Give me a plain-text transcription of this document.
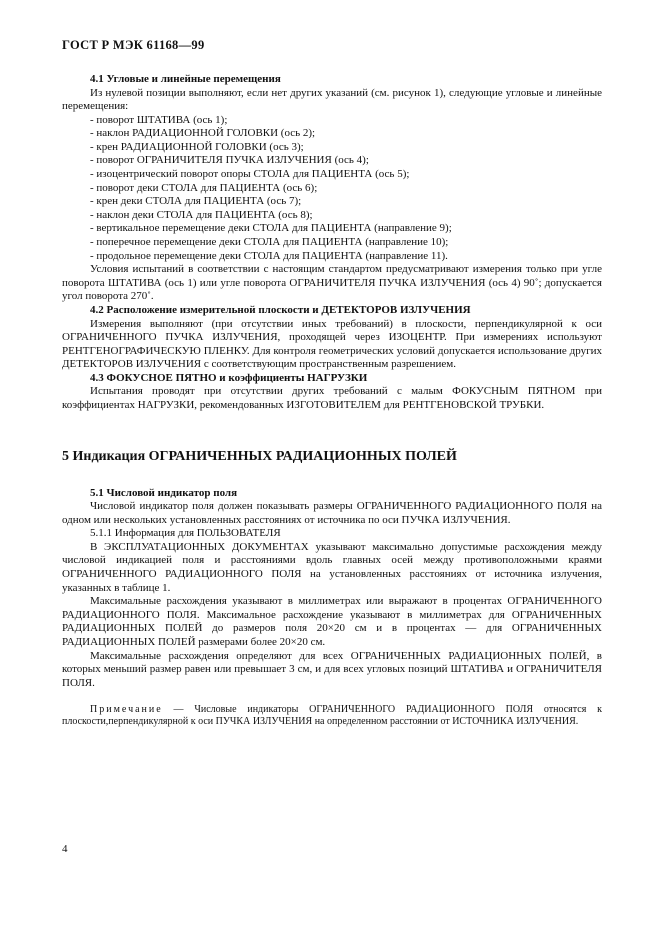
ГОСТ Р МЭК 61168—99
4.1 Угловые и линейные перемещения

Из нулевой позиции выполняют, если нет других указаний (см. рисунок 1), следующие угловые и линейные перемещения:

- поворот ШТАТИВА (ось 1);
- наклон РАДИАЦИОННОЙ ГОЛОВКИ (ось 2);
- крен РАДИАЦИОННОЙ ГОЛОВКИ (ось 3);
- поворот ОГРАНИЧИТЕЛЯ ПУЧКА ИЗЛУЧЕНИЯ (ось 4);
- изоцентрический поворот опоры СТОЛА для ПАЦИЕНТА (ось 5);
- поворот деки СТОЛА для ПАЦИЕНТА (ось 6);
- крен деки СТОЛА для ПАЦИЕНТА (ось 7);
- наклон деки СТОЛА для ПАЦИЕНТА (ось 8);
- вертикальное перемещение деки СТОЛА для ПАЦИЕНТА (направление 9);
- поперечное перемещение деки СТОЛА для ПАЦИЕНТА (направление 10);
- продольное перемещение деки СТОЛА для ПАЦИЕНТА (направление 11).

Условия испытаний в соответствии с настоящим стандартом предусматривают измерения только при угле поворота ШТАТИВА (ось 1) или угле поворота ОГРАНИЧИТЕЛЯ ПУЧКА ИЗЛУЧЕНИЯ (ось 4) 90˚; допускается угол поворота 270˚.

4.2 Расположение измерительной плоскости и ДЕТЕКТОРОВ ИЗЛУЧЕНИЯ

Измерения выполняют (при отсутствии иных требований) в плоскости, перпендикулярной к оси ОГРАНИЧЕННОГО ПУЧКА ИЗЛУЧЕНИЯ, проходящей через ИЗОЦЕНТР. При измерениях используют РЕНТГЕНОГРАФИЧЕСКУЮ ПЛЕНКУ. Для контроля геометрических условий допускается использование других ДЕТЕКТОРОВ ИЗЛУЧЕНИЯ с соответствующим пространственным разрешением.

4.3 ФОКУСНОЕ ПЯТНО и коэффициенты НАГРУЗКИ

Испытания проводят при отсутствии других требований с малым ФОКУСНЫМ ПЯТНОМ при коэффициентах НАГРУЗКИ, рекомендованных ИЗГОТОВИТЕЛЕМ для РЕНТГЕНОВСКОЙ ТРУБКИ.

5 Индикация ОГРАНИЧЕННЫХ РАДИАЦИОННЫХ ПОЛЕЙ
5.1 Числовой индикатор поля

Числовой индикатор поля должен показывать размеры ОГРАНИЧЕННОГО РАДИАЦИОННОГО ПОЛЯ на одном или нескольких установленных расстояниях от источника по оси ПУЧКА ИЗЛУЧЕНИЯ.

5.1.1 Информация для ПОЛЬЗОВАТЕЛЯ

В ЭКСПЛУАТАЦИОННЫХ ДОКУМЕНТАХ указывают максимально допустимые расхождения между числовой индикацией поля и расстояниями вдоль главных осей между противоположными краями ОГРАНИЧЕННОГО РАДИАЦИОННОГО ПОЛЯ на установленных расстояниях от источника излучения, указанных в таблице 1.

Максимальные расхождения указывают в миллиметрах или выражают в процентах ОГРАНИЧЕННОГО РАДИАЦИОННОГО ПОЛЯ. Максимальное расхождение указывают в миллиметрах для ОГРАНИЧЕННЫХ РАДИАЦИОННЫХ ПОЛЕЙ до размеров поля 20×20 см и в процентах — для ОГРАНИЧЕННЫХ РАДИАЦИОННЫХ ПОЛЕЙ размерами более 20×20 см.

Максимальные расхождения определяют для всех ОГРАНИЧЕННЫХ РАДИАЦИОННЫХ ПОЛЕЙ, в которых меньший размер равен или превышает 3 см, и для всех угловых позиций ШТАТИВА и ОГРАНИЧИТЕЛЯ ПОЛЯ.

Примечание — Числовые индикаторы ОГРАНИЧЕННОГО РАДИАЦИОННОГО ПОЛЯ относятся к плоскости,перпендикулярной к оси ПУЧКА ИЗЛУЧЕНИЯ на определенном расстоянии от ИСТОЧНИКА ИЗЛУЧЕНИЯ.
4
